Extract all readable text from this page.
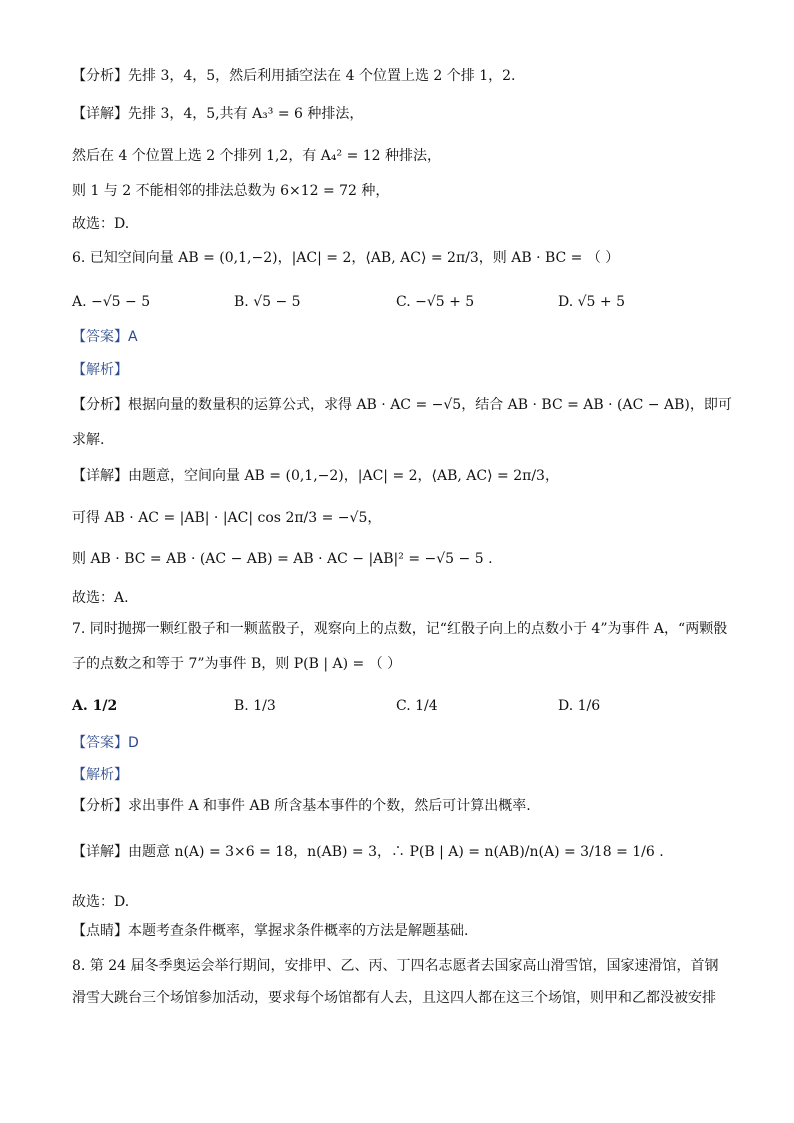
【分析】先排 3，4，5，然后利用插空法在 4 个位置上选 2 个排 1，2.
【详解】先排 3，4，5,共有 A₃³ = 6 种排法，
然后在 4 个位置上选 2 个排列 1,2，有 A₄² = 12 种排法，
则 1 与 2 不能相邻的排法总数为 6×12 = 72 种，
故选：D.
6. 已知空间向量 AB = (0,1,−2)，|AC| = 2，⟨AB, AC⟩ = 2π/3，则 AB · BC = （ ）
A. −√5 − 5	B. √5 − 5	C. −√5 + 5	D. √5 + 5
【答案】A
【解析】
【分析】根据向量的数量积的运算公式，求得 AB · AC = −√5，结合 AB · BC = AB · (AC − AB)，即可
求解.
【详解】由题意，空间向量 AB = (0,1,−2)，|AC| = 2，⟨AB, AC⟩ = 2π/3，
可得 AB · AC = |AB| · |AC| cos 2π/3 = −√5，
则 AB · BC = AB · (AC − AB) = AB · AC − |AB|² = −√5 − 5 .
故选：A.
7. 同时抛掷一颗红骰子和一颗蓝骰子，观察向上的点数，记“红骰子向上的点数小于 4”为事件 A，“两颗骰
子的点数之和等于 7”为事件 B，则 P(B | A) = （ ）
A. 1/2	B. 1/3	C. 1/4	D. 1/6
【答案】D
【解析】
【分析】求出事件 A 和事件 AB 所含基本事件的个数，然后可计算出概率.
【详解】由题意 n(A) = 3×6 = 18，n(AB) = 3，∴ P(B | A) = n(AB)/n(A) = 3/18 = 1/6 .
故选：D.
【点睛】本题考查条件概率，掌握求条件概率的方法是解题基础.
8. 第 24 届冬季奥运会举行期间，安排甲、乙、丙、丁四名志愿者去国家高山滑雪馆，国家速滑馆，首钢
滑雪大跳台三个场馆参加活动，要求每个场馆都有人去，且这四人都在这三个场馆，则甲和乙都没被安排
